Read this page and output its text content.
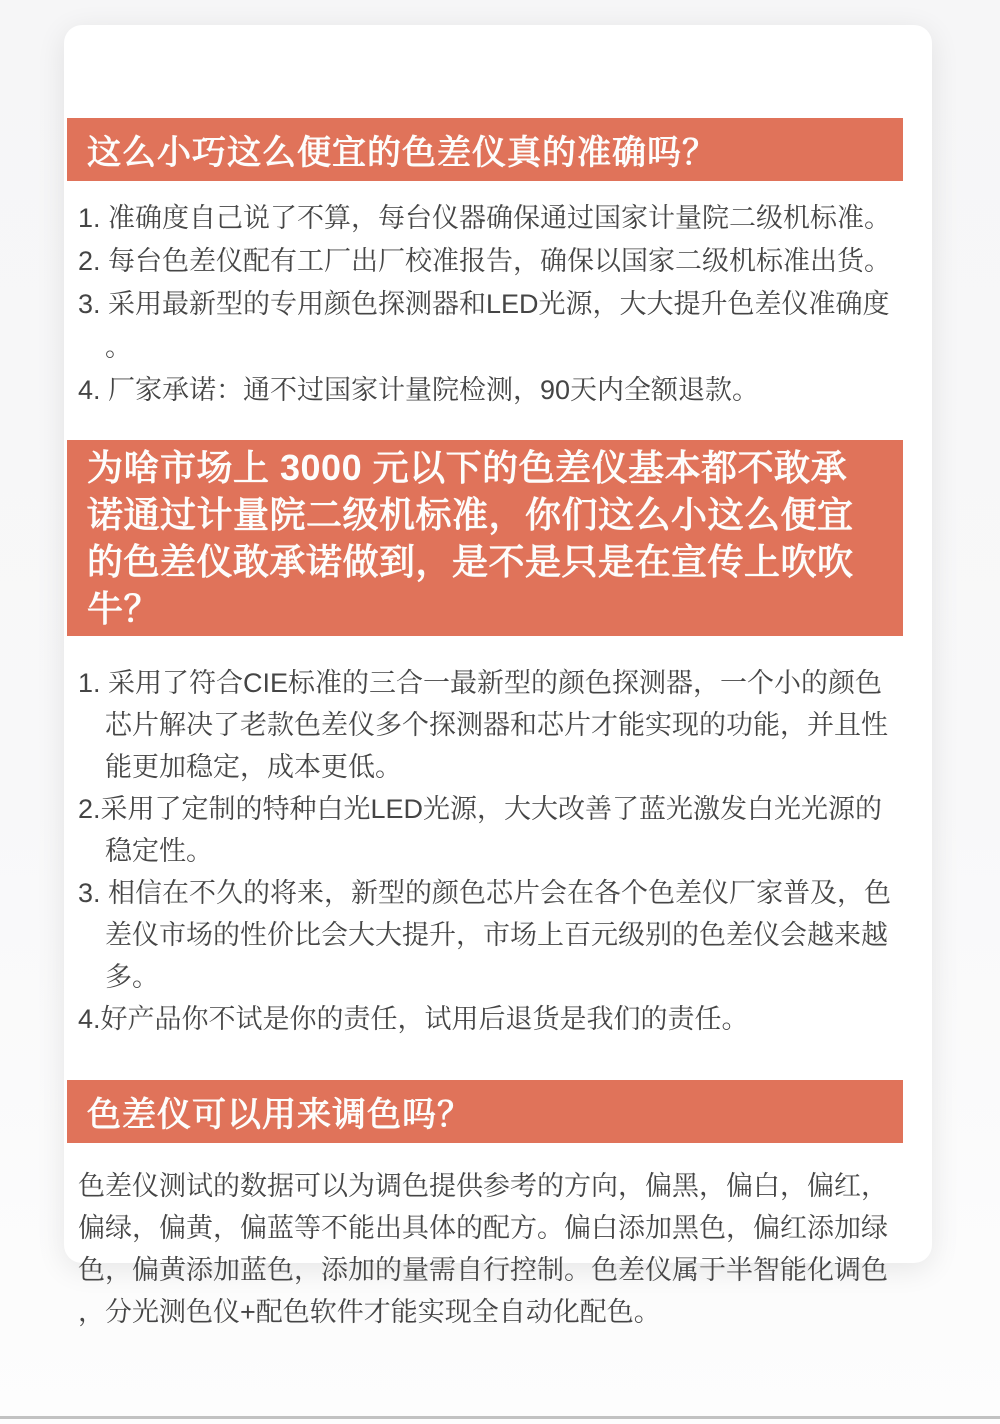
这么小巧这么便宜的色差仪真的准确吗？
1. 准确度自己说了不算，每台仪器确保通过国家计量院二级机标准。
2. 每台色差仪配有工厂出厂校准报告，确保以国家二级机标准出货。
3. 采用最新型的专用颜色探测器和LED光源，大大提升色差仪准确度。
4. 厂家承诺：通不过国家计量院检测，90天内全额退款。
为啥市场上 3000 元以下的色差仪基本都不敢承诺通过计量院二级机标准，你们这么小这么便宜的色差仪敢承诺做到，是不是只是在宣传上吹吹牛？
1. 采用了符合CIE标准的三合一最新型的颜色探测器，一个小的颜色芯片解决了老款色差仪多个探测器和芯片才能实现的功能，并且性能更加稳定，成本更低。
2.采用了定制的特种白光LED光源，大大改善了蓝光激发白光光源的稳定性。
3. 相信在不久的将来，新型的颜色芯片会在各个色差仪厂家普及，色差仪市场的性价比会大大提升，市场上百元级别的色差仪会越来越多。
4.好产品你不试是你的责任，试用后退货是我们的责任。
色差仪可以用来调色吗？
色差仪测试的数据可以为调色提供参考的方向，偏黑，偏白，偏红，偏绿，偏黄，偏蓝等不能出具体的配方。偏白添加黑色，偏红添加绿色，偏黄添加蓝色，添加的量需自行控制。色差仪属于半智能化调色，分光测色仪+配色软件才能实现全自动化配色。
